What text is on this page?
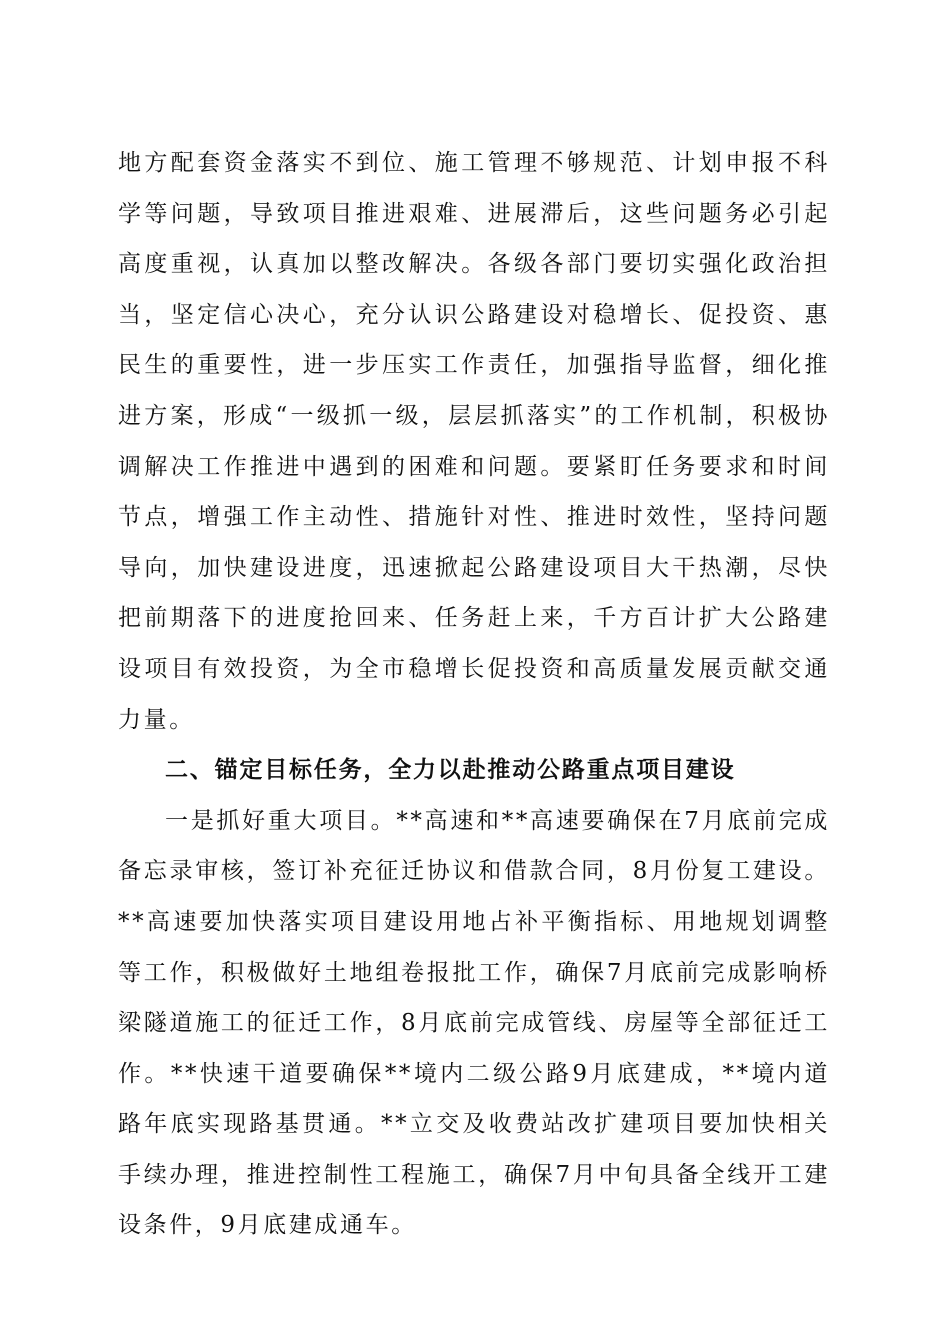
地方配套资金落实不到位、施工管理不够规范、计划申报不科学等问题，导致项目推进艰难、进展滞后，这些问题务必引起高度重视，认真加以整改解决。各级各部门要切实强化政治担当，坚定信心决心，充分认识公路建设对稳增长、促投资、惠民生的重要性，进一步压实工作责任，加强指导监督，细化推进方案，形成“一级抓一级，层层抓落实”的工作机制，积极协调解决工作推进中遇到的困难和问题。要紧盯任务要求和时间节点，增强工作主动性、措施针对性、推进时效性，坚持问题导向，加快建设进度，迅速掀起公路建设项目大干热潮，尽快把前期落下的进度抢回来、任务赶上来，千方百计扩大公路建设项目有效投资，为全市稳增长促投资和高质量发展贡献交通力量。

二、锚定目标任务，全力以赴推动公路重点项目建设

一是抓好重大项目。**高速和**高速要确保在7月底前完成备忘录审核，签订补充征迁协议和借款合同，8月份复工建设。**高速要加快落实项目建设用地占补平衡指标、用地规划调整等工作，积极做好土地组卷报批工作，确保7月底前完成影响桥梁隧道施工的征迁工作，8月底前完成管线、房屋等全部征迁工作。**快速干道要确保**境内二级公路9月底建成，**境内道路年底实现路基贯通。**立交及收费站改扩建项目要加快相关手续办理，推进控制性工程施工，确保7月中旬具备全线开工建设条件，9月底建成通车。
